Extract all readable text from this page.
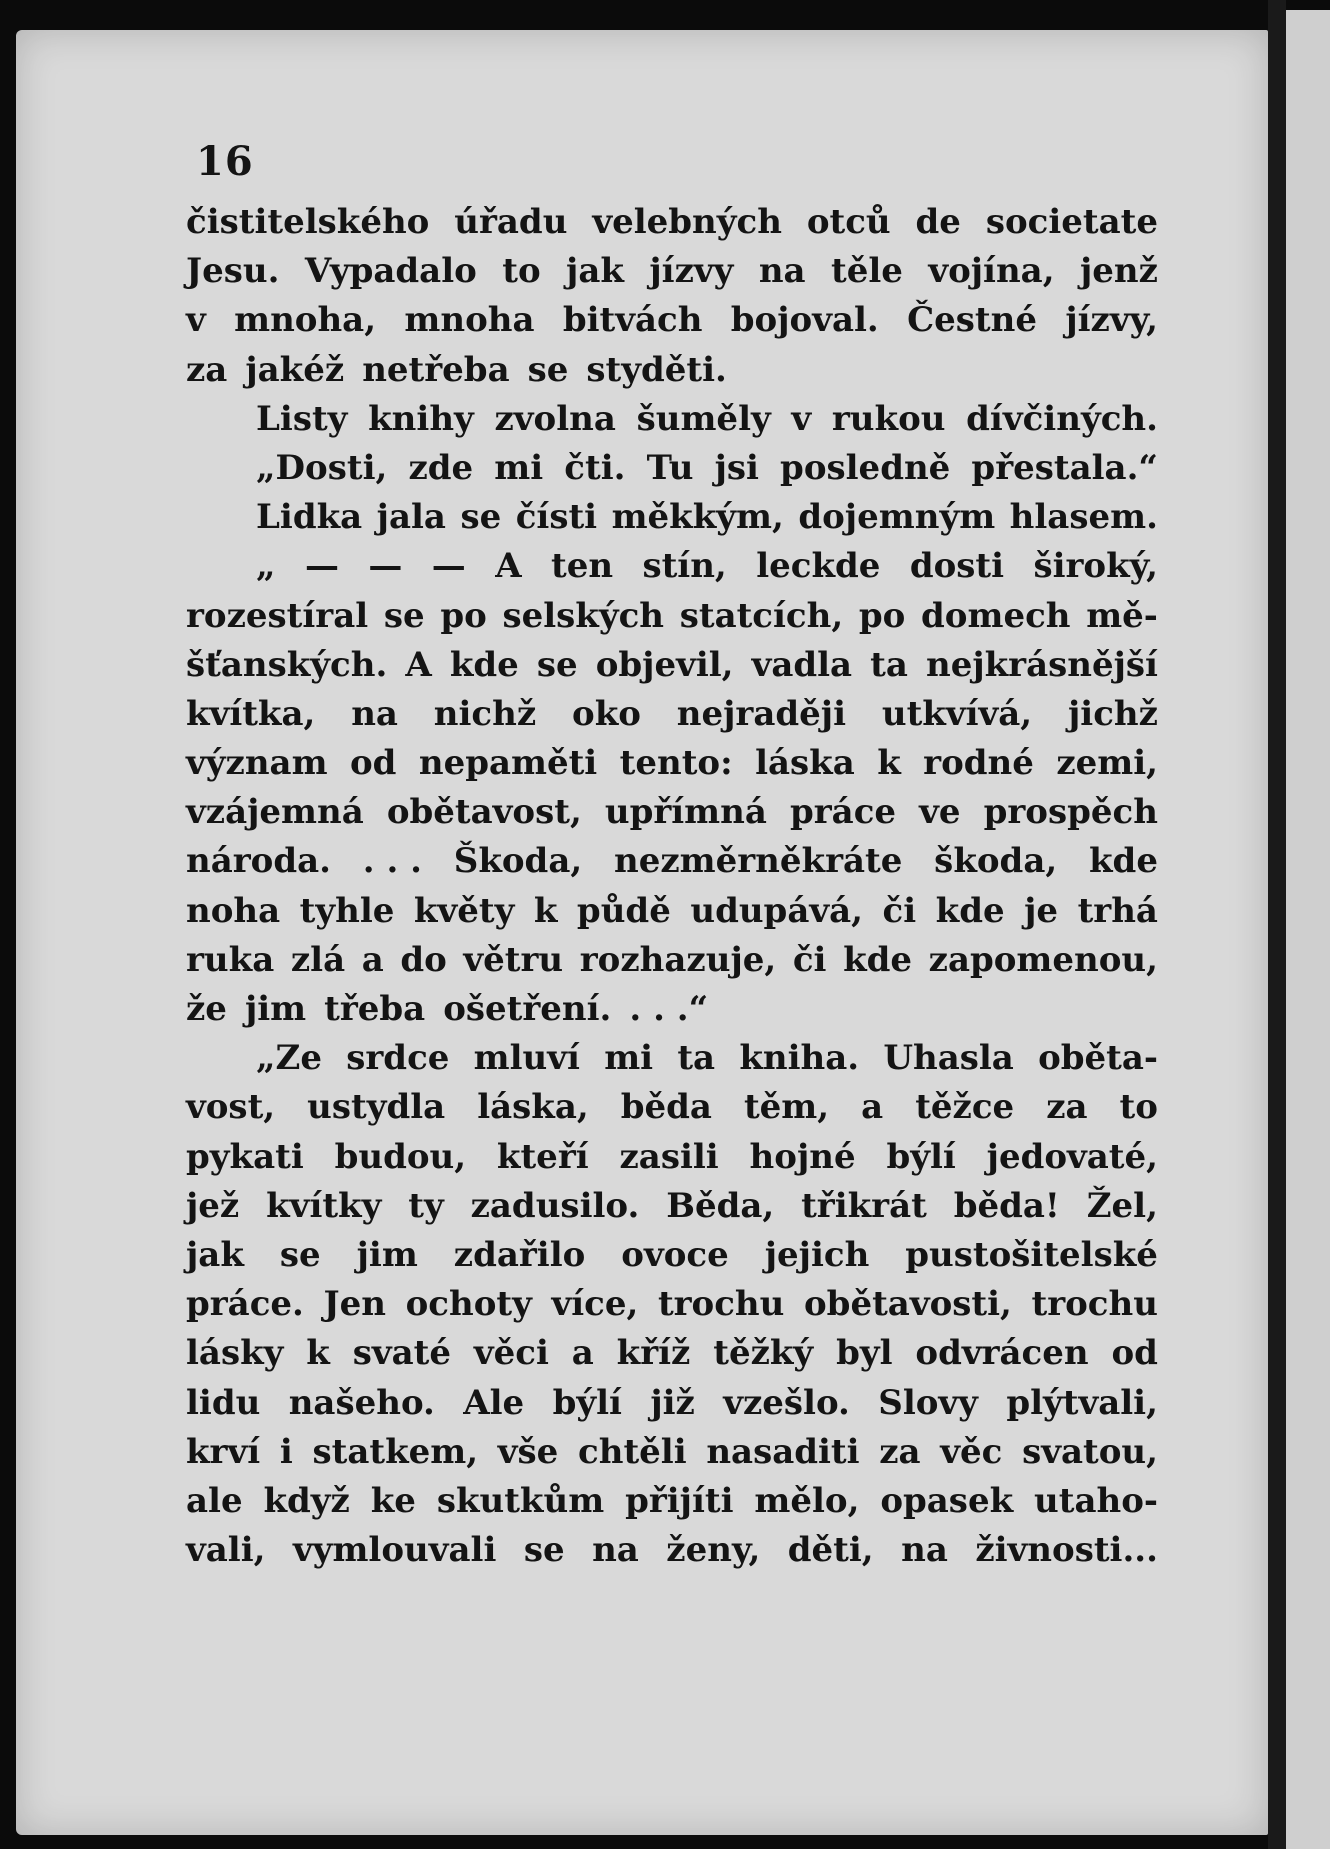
16
čistitelského úřadu velebných otců de societate
Jesu. Vypadalo to jak jízvy na těle vojína, jenž
v mnoha, mnoha bitvách bojoval. Čestné jízvy,
za jakéž netřeba se styděti.
Listy knihy zvolna šuměly v rukou dívčiných.
„Dosti, zde mi čti. Tu jsi posledně přestala.“
Lidka jala se čísti měkkým, dojemným hlasem.
„ — — — A ten stín, leckde dosti široký,
rozestíral se po selských statcích, po domech mě-
šťanských. A kde se objevil, vadla ta nejkrásnější
kvítka, na nichž oko nejraději utkvívá, jichž
význam od nepaměti tento: láska k rodné zemi,
vzájemná obětavost, upřímná práce ve prospěch
národa. . . . Škoda, nezměrněkráte škoda, kde
noha tyhle květy k půdě udupává, či kde je trhá
ruka zlá a do větru rozhazuje, či kde zapomenou,
že jim třeba ošetření. . . .“
„Ze srdce mluví mi ta kniha. Uhasla oběta-
vost, ustydla láska, běda těm, a těžce za to
pykati budou, kteří zasili hojné býlí jedovaté,
jež kvítky ty zadusilo. Běda, třikrát běda! Žel,
jak se jim zdařilo ovoce jejich pustošitelské
práce. Jen ochoty více, trochu obětavosti, trochu
lásky k svaté věci a kříž těžký byl odvrácen od
lidu našeho. Ale býlí již vzešlo. Slovy plýtvali,
krví i statkem, vše chtěli nasaditi za věc svatou,
ale když ke skutkům přijíti mělo, opasek utaho-
vali, vymlouvali se na ženy, děti, na živnosti...
